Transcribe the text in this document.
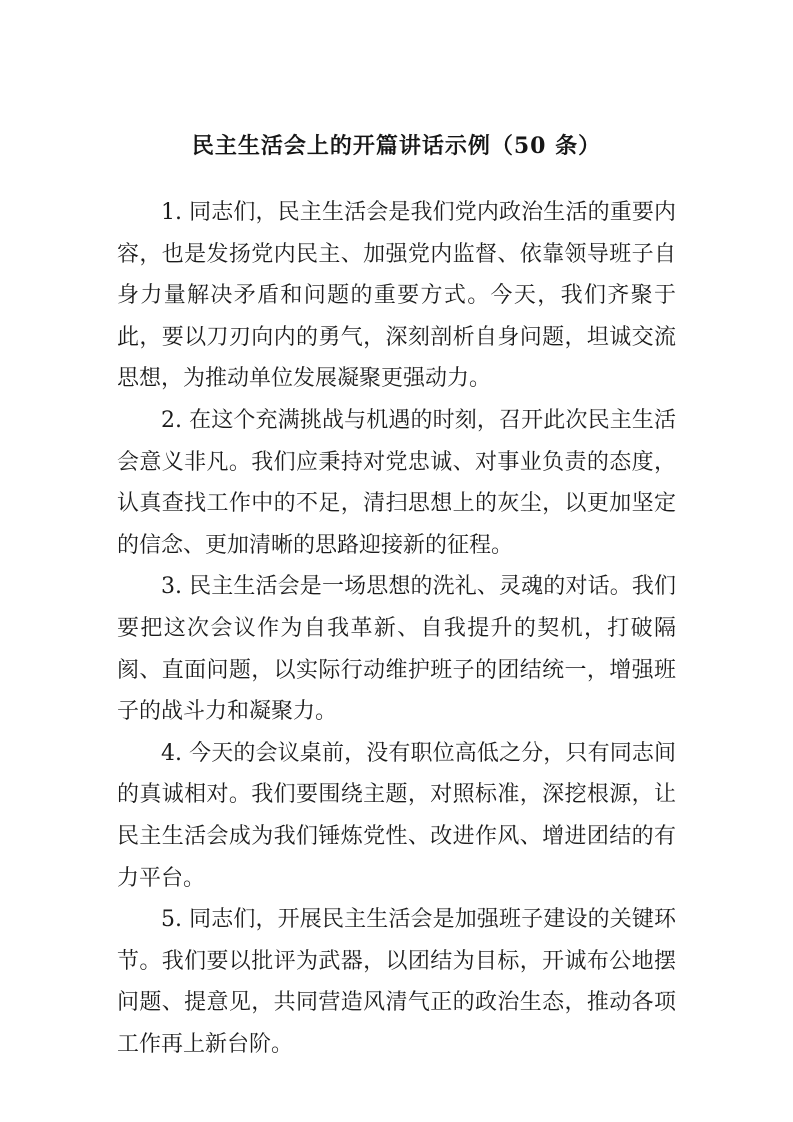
民主生活会上的开篇讲话示例（50 条）

1. 同志们，民主生活会是我们党内政治生活的重要内容，也是发扬党内民主、加强党内监督、依靠领导班子自身力量解决矛盾和问题的重要方式。今天，我们齐聚于此，要以刀刃向内的勇气，深刻剖析自身问题，坦诚交流思想，为推动单位发展凝聚更强动力。

2. 在这个充满挑战与机遇的时刻，召开此次民主生活会意义非凡。我们应秉持对党忠诚、对事业负责的态度，认真查找工作中的不足，清扫思想上的灰尘，以更加坚定的信念、更加清晰的思路迎接新的征程。

3. 民主生活会是一场思想的洗礼、灵魂的对话。我们要把这次会议作为自我革新、自我提升的契机，打破隔阂、直面问题，以实际行动维护班子的团结统一，增强班子的战斗力和凝聚力。

4. 今天的会议桌前，没有职位高低之分，只有同志间的真诚相对。我们要围绕主题，对照标准，深挖根源，让民主生活会成为我们锤炼党性、改进作风、增进团结的有力平台。

5. 同志们，开展民主生活会是加强班子建设的关键环节。我们要以批评为武器，以团结为目标，开诚布公地摆问题、提意见，共同营造风清气正的政治生态，推动各项工作再上新台阶。
